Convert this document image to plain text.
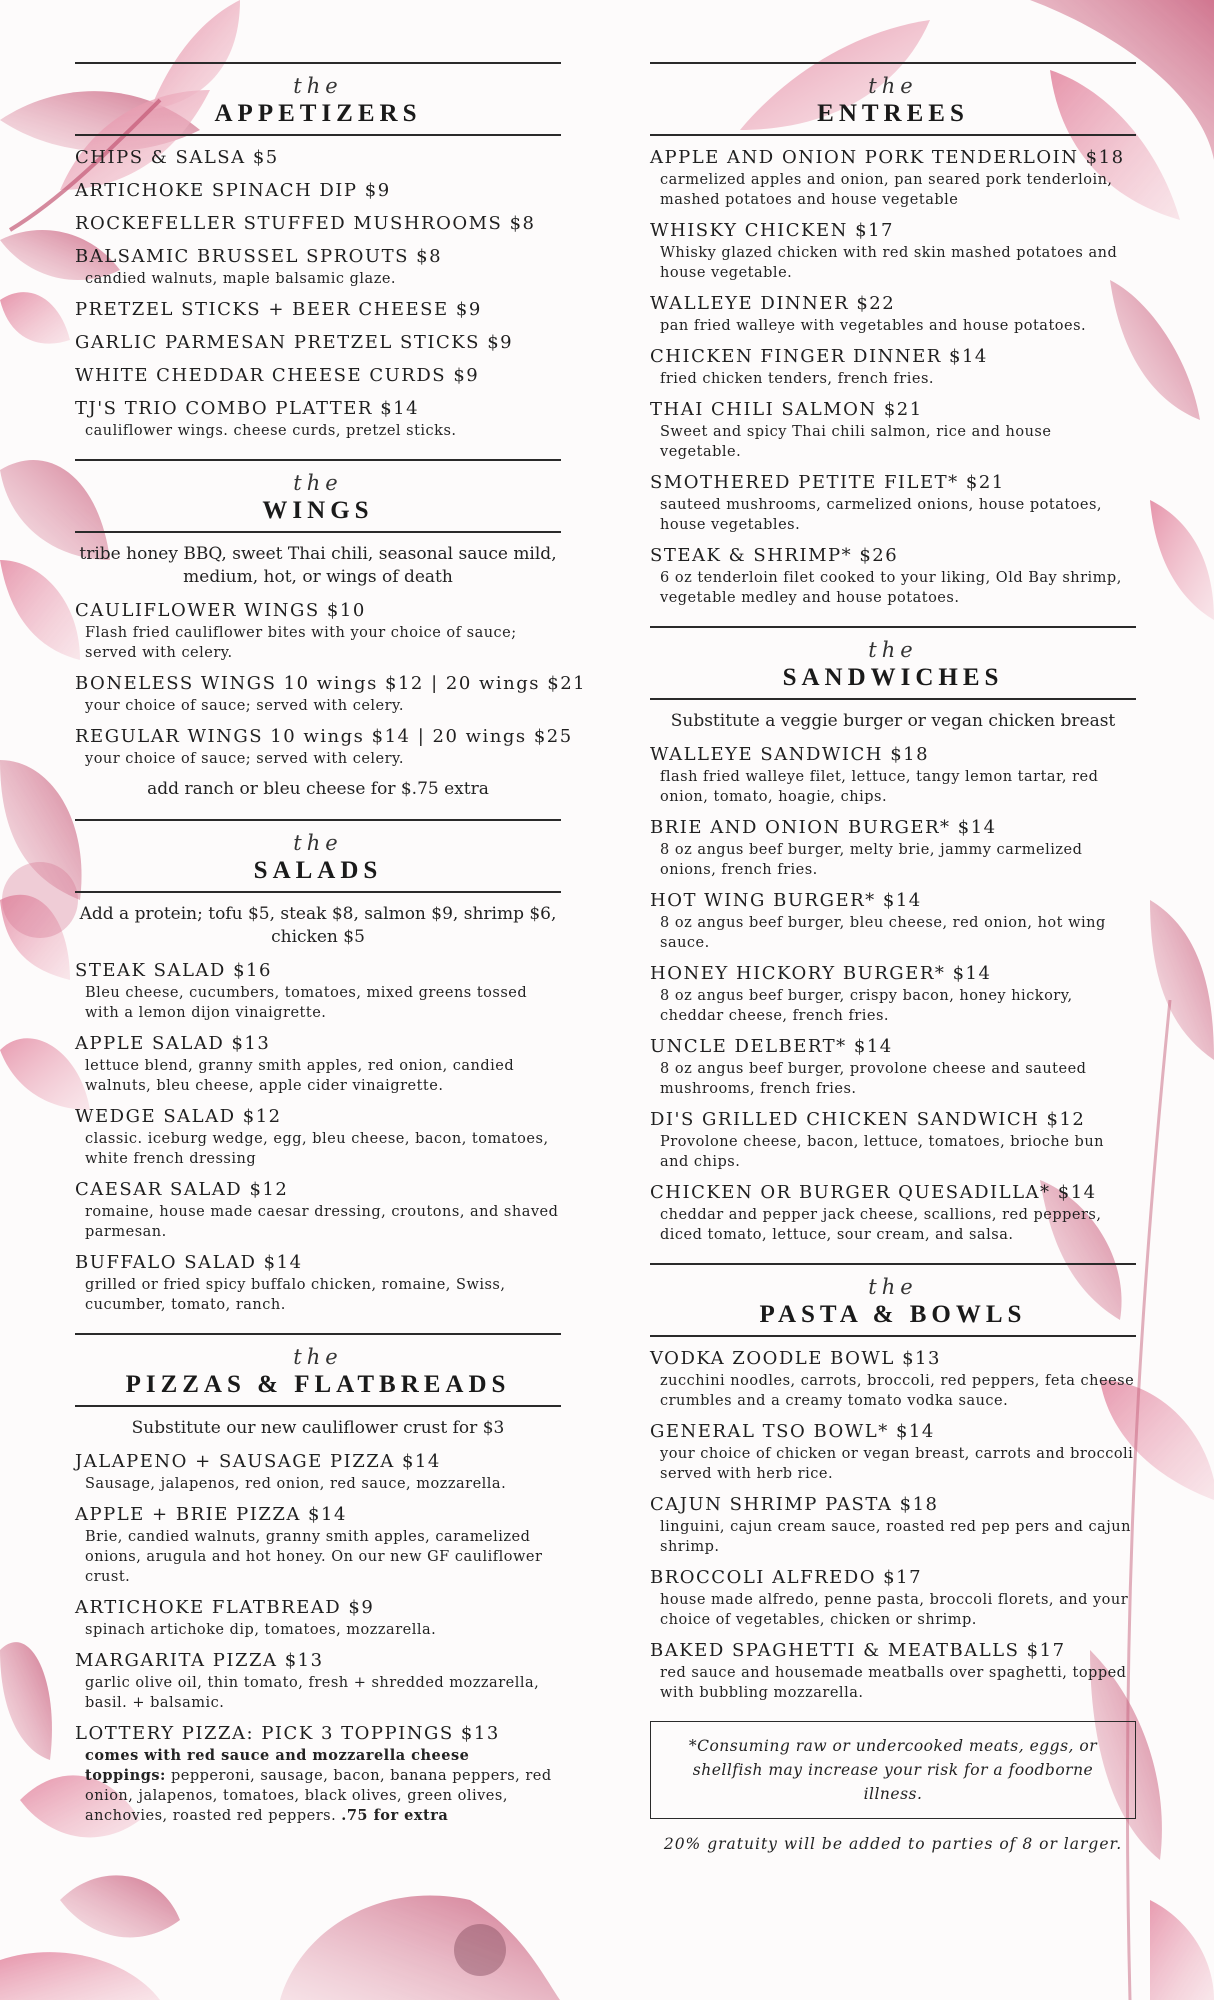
the
APPETIZERS
CHIPS & SALSA $5
ARTICHOKE SPINACH DIP $9
ROCKEFELLER STUFFED MUSHROOMS $8
BALSAMIC BRUSSEL SPROUTS $8
candied walnuts, maple balsamic glaze.
PRETZEL STICKS + BEER CHEESE $9
GARLIC PARMESAN PRETZEL STICKS $9
WHITE CHEDDAR CHEESE CURDS $9
TJ'S TRIO COMBO PLATTER $14
cauliflower wings. cheese curds, pretzel sticks.
the
WINGS
tribe honey BBQ, sweet Thai chili, seasonal sauce mild, medium, hot, or wings of death
CAULIFLOWER WINGS $10
Flash fried cauliflower bites with your choice of sauce; served with celery.
BONELESS WINGS 10 wings $12 | 20 wings $21
your choice of sauce; served with celery.
REGULAR WINGS 10 wings $14 | 20 wings $25
your choice of sauce; served with celery.
add ranch or bleu cheese for $.75 extra
the
SALADS
Add a protein; tofu $5, steak $8, salmon $9, shrimp $6, chicken $5
STEAK SALAD $16
Bleu cheese, cucumbers, tomatoes, mixed greens tossed with a lemon dijon vinaigrette.
APPLE SALAD $13
lettuce blend, granny smith apples, red onion, candied walnuts, bleu cheese, apple cider vinaigrette.
WEDGE SALAD $12
classic. iceburg wedge, egg, bleu cheese, bacon, tomatoes, white french dressing
CAESAR SALAD $12
romaine, house made caesar dressing, croutons, and shaved parmesan.
BUFFALO SALAD $14
grilled or fried spicy buffalo chicken, romaine, Swiss, cucumber, tomato, ranch.
the
PIZZAS & FLATBREADS
Substitute our new cauliflower crust for $3
JALAPENO + SAUSAGE PIZZA $14
Sausage, jalapenos, red onion, red sauce, mozzarella.
APPLE + BRIE PIZZA $14
Brie, candied walnuts, granny smith apples, caramelized onions, arugula and hot honey. On our new GF cauliflower crust.
ARTICHOKE FLATBREAD $9
spinach artichoke dip, tomatoes, mozzarella.
MARGARITA PIZZA $13
garlic olive oil, thin tomato, fresh + shredded mozzarella, basil. + balsamic.
LOTTERY PIZZA: PICK 3 TOPPINGS $13
comes with red sauce and mozzarella cheese
toppings: pepperoni, sausage, bacon, banana peppers, red onion, jalapenos, tomatoes, black olives, green olives, anchovies, roasted red peppers. .75 for extra
the
ENTREES
APPLE AND ONION PORK TENDERLOIN $18
carmelized apples and onion, pan seared pork tenderloin, mashed potatoes and house vegetable
WHISKY CHICKEN $17
Whisky glazed chicken with red skin mashed potatoes and house vegetable.
WALLEYE DINNER $22
pan fried walleye with vegetables and house potatoes.
CHICKEN FINGER DINNER $14
fried chicken tenders, french fries.
THAI CHILI SALMON $21
Sweet and spicy Thai chili salmon, rice and house vegetable.
SMOTHERED PETITE FILET* $21
sauteed mushrooms, carmelized onions, house potatoes, house vegetables.
STEAK & SHRIMP* $26
6 oz tenderloin filet cooked to your liking, Old Bay shrimp, vegetable medley and house potatoes.
the
SANDWICHES
Substitute a veggie burger or vegan chicken breast
WALLEYE SANDWICH $18
flash fried walleye filet, lettuce, tangy lemon tartar, red onion, tomato, hoagie, chips.
BRIE AND ONION BURGER* $14
8 oz angus beef burger, melty brie, jammy carmelized onions, french fries.
HOT WING BURGER* $14
8 oz angus beef burger, bleu cheese, red onion, hot wing sauce.
HONEY HICKORY BURGER* $14
8 oz angus beef burger, crispy bacon, honey hickory, cheddar cheese, french fries.
UNCLE DELBERT* $14
8 oz angus beef burger, provolone cheese and sauteed mushrooms, french fries.
DI'S GRILLED CHICKEN SANDWICH $12
Provolone cheese, bacon, lettuce, tomatoes, brioche bun and chips.
CHICKEN OR BURGER QUESADILLA* $14
cheddar and pepper jack cheese, scallions, red peppers, diced tomato, lettuce, sour cream, and salsa.
the
PASTA & BOWLS
VODKA ZOODLE BOWL $13
zucchini noodles, carrots, broccoli, red peppers, feta cheese crumbles and a creamy tomato vodka sauce.
GENERAL TSO BOWL* $14
your choice of chicken or vegan breast, carrots and broccoli served with herb rice.
CAJUN SHRIMP PASTA $18
linguini, cajun cream sauce, roasted red pep pers and cajun shrimp.
BROCCOLI ALFREDO $17
house made alfredo, penne pasta, broccoli florets, and your choice of vegetables, chicken or shrimp.
BAKED SPAGHETTI & MEATBALLS $17
red sauce and housemade meatballs over spaghetti, topped with bubbling mozzarella.
*Consuming raw or undercooked meats, eggs, or shellfish may increase your risk for a foodborne illness.
20% gratuity will be added to parties of 8 or larger.
